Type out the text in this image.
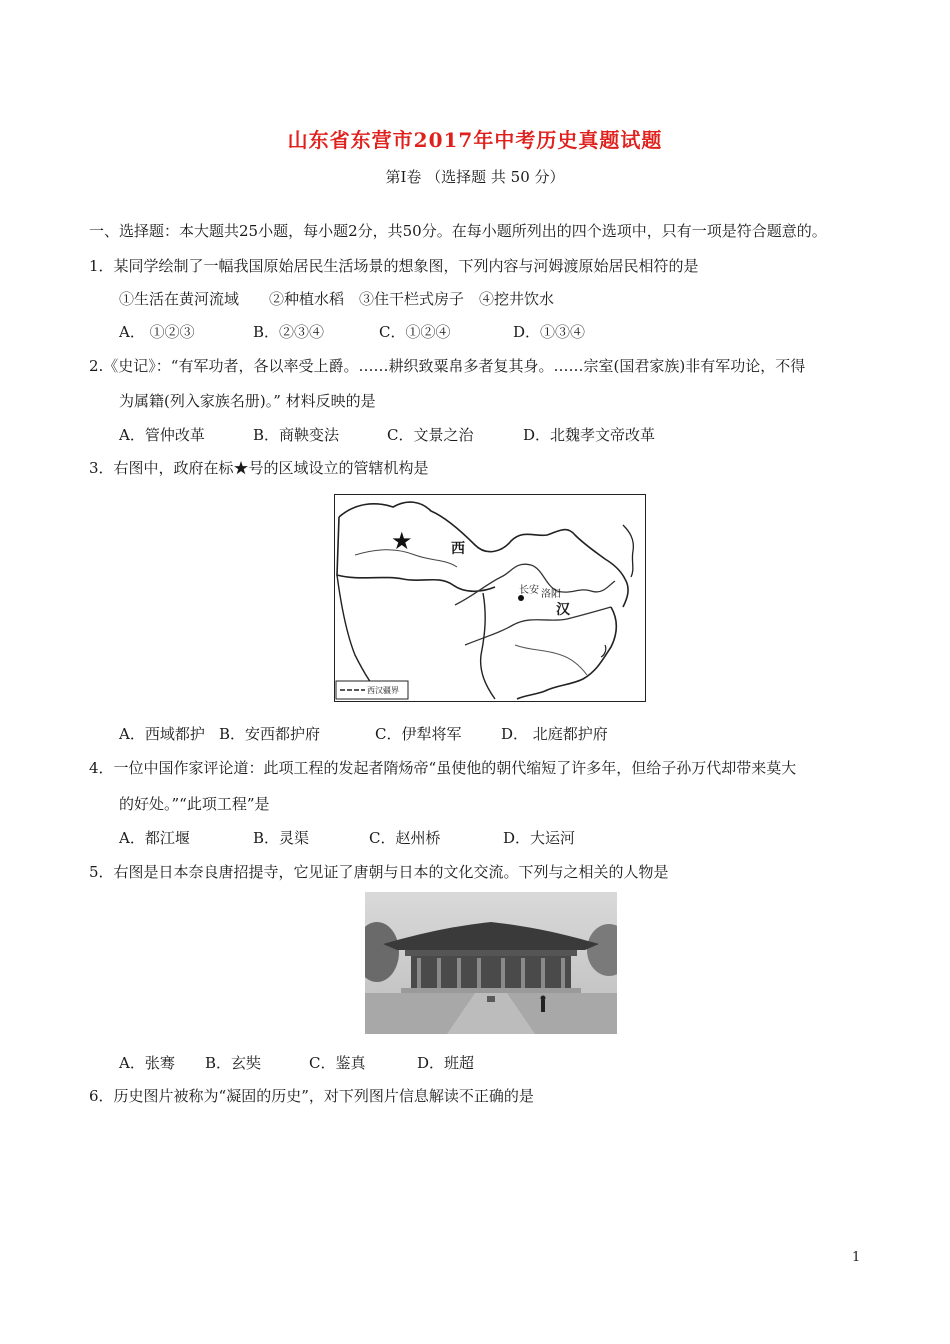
山东省东营市2017年中考历史真题试题
第Ⅰ卷 （选择题 共 50 分）
一、选择题：本大题共25小题，每小题2分，共50分。在每小题所列出的四个选项中，只有一项是符合题意的。
1．某同学绘制了一幅我国原始居民生活场景的想象图，下列内容与河姆渡原始居民相符的是
①生活在黄河流域　　②种植水稻　③住干栏式房子　④挖井饮水
A． ①②③	B．②③④	C．①②④	D．①③④
2.《史记》：“有军功者，各以率受上爵。……耕织致粟帛多者复其身。……宗室(国君家族)非有军功论，不得
为属籍(列入家族名册)。” 材料反映的是
A．管仲改革	B．商鞅变法	C．文景之治	D．北魏孝文帝改革
3．右图中，政府在标★号的区域设立的管辖机构是
★	西
汉
长安 洛阳
西汉疆界
A．西域都护 B．安西都护府	C．伊犁将军	D． 北庭都护府
4．一位中国作家评论道：此项工程的发起者隋炀帝“虽使他的朝代缩短了许多年，但给子孙万代却带来莫大
的好处。”“此项工程”是
A．都江堰	B．灵渠	C．赵州桥	D．大运河
5．右图是日本奈良唐招提寺，它见证了唐朝与日本的文化交流。下列与之相关的人物是
A．张骞 B．玄奘	C．鉴真	D．班超
6．历史图片被称为“凝固的历史”，对下列图片信息解读不正确的是
1
